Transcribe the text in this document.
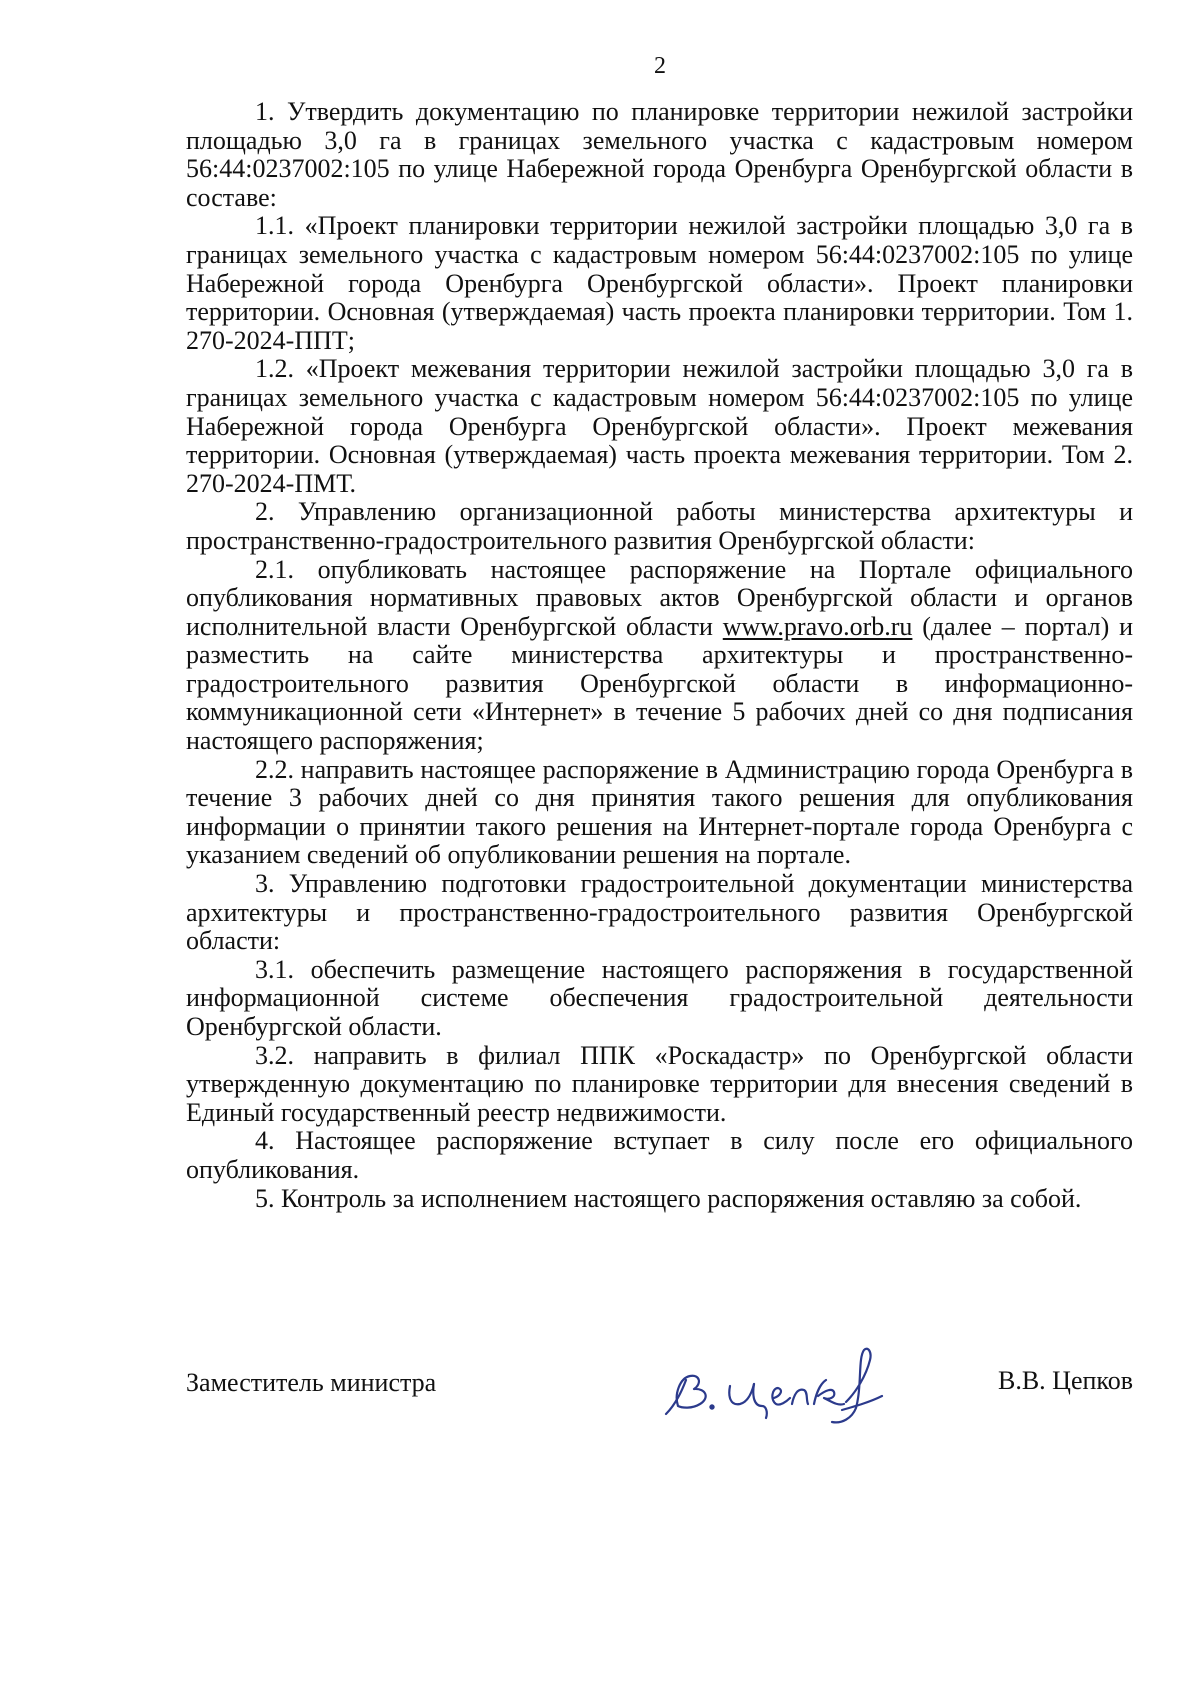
2

1. Утвердить документацию по планировке территории нежилой застройки площадью 3,0 га в границах земельного участка с кадастровым номером 56:44:0237002:105 по улице Набережной города Оренбурга Оренбургской области в составе:

1.1. «Проект планировки территории нежилой застройки площадью 3,0 га в границах земельного участка с кадастровым номером 56:44:0237002:105 по улице Набережной города Оренбурга Оренбургской области». Проект планировки территории. Основная (утверждаемая) часть проекта планировки территории. Том 1. 270-2024-ППТ;

1.2. «Проект межевания территории нежилой застройки площадью 3,0 га в границах земельного участка с кадастровым номером 56:44:0237002:105 по улице Набережной города Оренбурга Оренбургской области». Проект межевания территории. Основная (утверждаемая) часть проекта межевания территории. Том 2. 270-2024-ПМТ.

2. Управлению организационной работы министерства архитектуры и пространственно-градостроительного развития Оренбургской области:

2.1. опубликовать настоящее распоряжение на Портале официального опубликования нормативных правовых актов Оренбургской области и органов исполнительной власти Оренбургской области www.pravo.orb.ru (далее – портал) и разместить на сайте министерства архитектуры и пространственно-градостроительного развития Оренбургской области в информационно-коммуникационной сети «Интернет» в течение 5 рабочих дней со дня подписания настоящего распоряжения;

2.2. направить настоящее распоряжение в Администрацию города Оренбурга в течение 3 рабочих дней со дня принятия такого решения для опубликования информации о принятии такого решения на Интернет-портале города Оренбурга с указанием сведений об опубликовании решения на портале.

3. Управлению подготовки градостроительной документации министерства архитектуры и пространственно-градостроительного развития Оренбургской области:

3.1. обеспечить размещение настоящего распоряжения в государственной информационной системе обеспечения градостроительной деятельности Оренбургской области.

3.2. направить в филиал ППК «Роскадастр» по Оренбургской области утвержденную документацию по планировке территории для внесения сведений в Единый государственный реестр недвижимости.

4. Настоящее распоряжение вступает в силу после его официального опубликования.

5. Контроль за исполнением настоящего распоряжения оставляю за собой.

Заместитель министра	В.В. Цепков
